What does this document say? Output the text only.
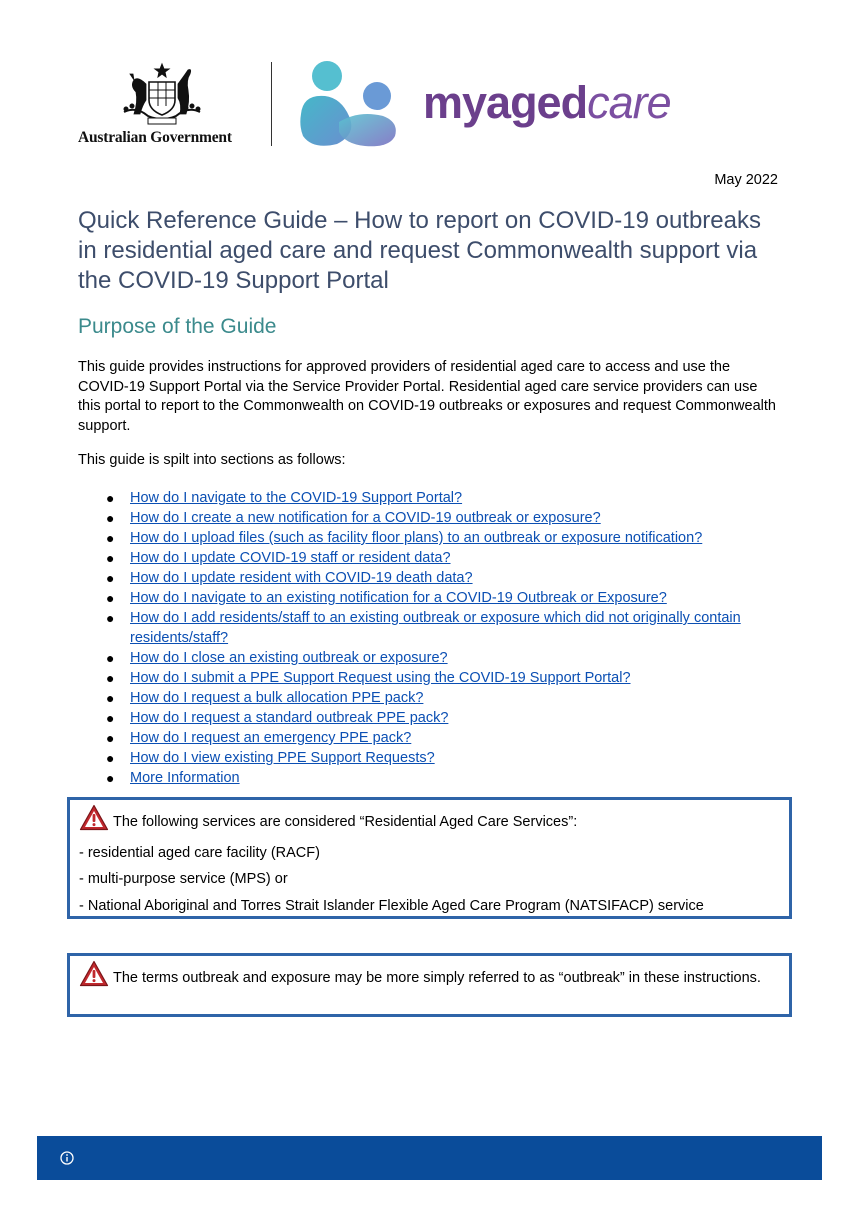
Australian Government
myagedcare
May 2022
Quick Reference Guide – How to report on COVID-19 outbreaks in residential aged care and request Commonwealth support via the COVID-19 Support Portal
Purpose of the Guide

This guide provides instructions for approved providers of residential aged care to access and use the COVID-19 Support Portal via the Service Provider Portal. Residential aged care service providers can use this portal to report to the Commonwealth on COVID-19 outbreaks or exposures and request Commonwealth support.

This guide is spilt into sections as follows:

● How do I navigate to the COVID-19 Support Portal?
● How do I create a new notification for a COVID-19 outbreak or exposure?
● How do I upload files (such as facility floor plans) to an outbreak or exposure notification?
● How do I update COVID-19 staff or resident data?
● How do I update resident with COVID-19 death data?
● How do I navigate to an existing notification for a COVID-19 Outbreak or Exposure?
● How do I add residents/staff to an existing outbreak or exposure which did not originally contain residents/staff?
● How do I close an existing outbreak or exposure?
● How do I submit a PPE Support Request using the COVID-19 Support Portal?
● How do I request a bulk allocation PPE pack?
● How do I request a standard outbreak PPE pack?
● How do I request an emergency PPE pack?
● How do I view existing PPE Support Requests?
● More Information
The following services are considered “Residential Aged Care Services”:
- residential aged care facility (RACF)
- multi-purpose service (MPS) or
- National Aboriginal and Torres Strait Islander Flexible Aged Care Program (NATSIFACP) service
The terms outbreak and exposure may be more simply referred to as “outbreak” in these instructions.
